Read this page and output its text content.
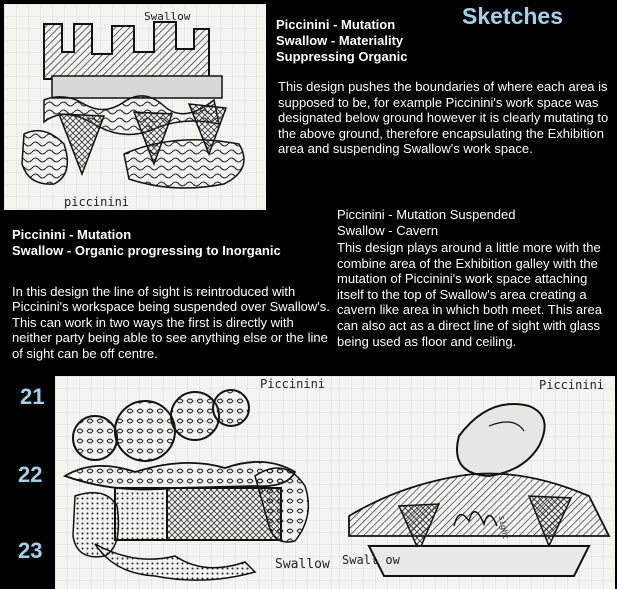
Sketches
Swallow
piccinini
Piccinini - Mutation
Swallow - Materiality
Suppressing Organic
This design pushes the boundaries of where each area is supposed to be, for example Piccinini's work space was designated below ground however it is clearly mutating to the above ground, therefore encapsulating the Exhibition area and suspending Swallow's work space.
Piccinini - Mutation Suspended
Swallow - Cavern
This design plays around a little more with the combine area of the Exhibition galley with the mutation of Piccinini's work space attaching itself to the top of Swallow's area creating a cavern like area in which both meet. This area can also act as a direct line of sight with glass being used as floor and ceiling.
Piccinini - Mutation
Swallow - Organic progressing to Inorganic
In this design the line of sight is reintroduced with Piccinini's workspace being suspended over Swallow's. This can work in two ways the first is directly with neither party being able to see anything else or the line of sight can be off centre.
21
22
23
Piccinini
Swallow
Piccinini
sight
Swall ow
